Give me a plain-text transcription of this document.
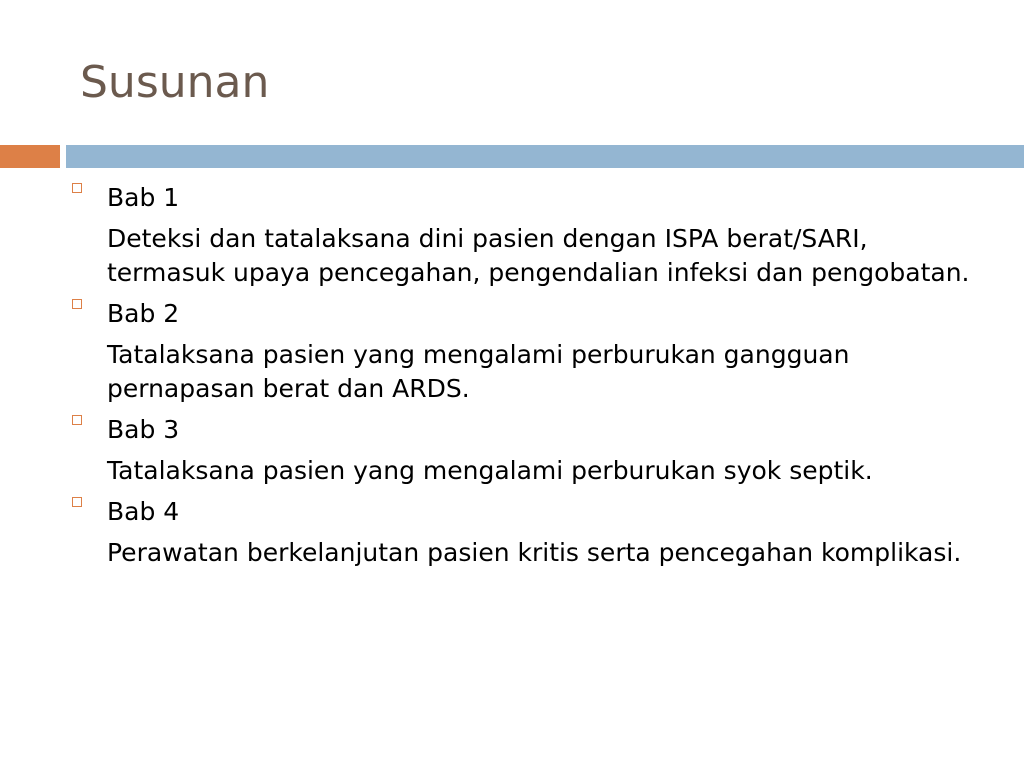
Susunan
Bab 1
Deteksi dan tatalaksana dini pasien dengan ISPA berat/SARI, termasuk upaya pencegahan, pengendalian infeksi dan pengobatan.
Bab 2
Tatalaksana pasien yang mengalami perburukan gangguan pernapasan berat dan ARDS.
Bab 3
Tatalaksana pasien yang mengalami perburukan syok septik.
Bab 4
Perawatan berkelanjutan pasien kritis serta pencegahan komplikasi.
